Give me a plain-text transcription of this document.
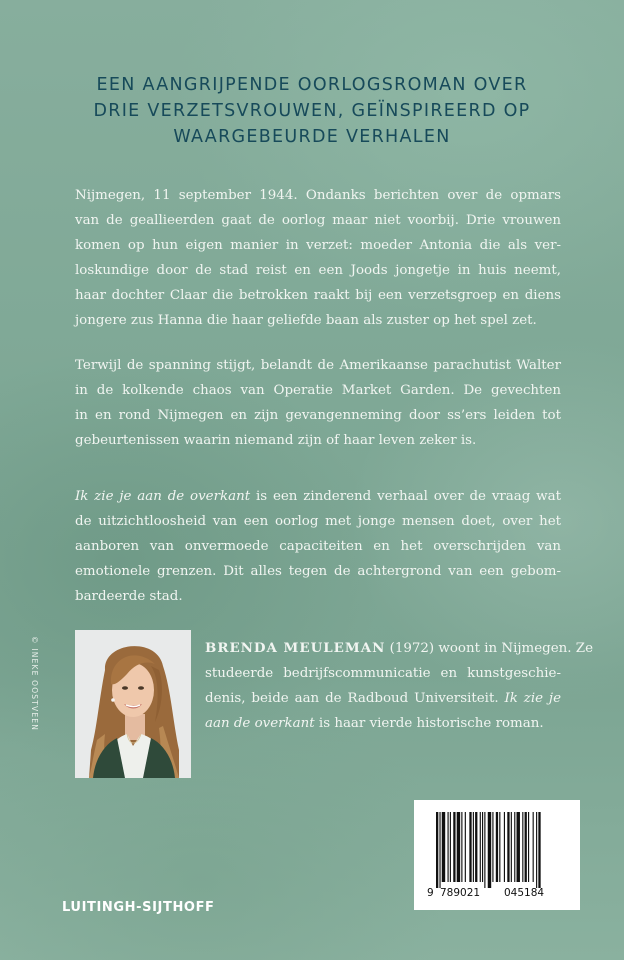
EEN AANGRIJPENDE OORLOGSROMAN OVER
DRIE VERZETSVROUWEN, GEÏNSPIREERD OP
WAARGEBEURDE VERHALEN
Nijmegen, 11 september 1944. Ondanks berichten over de opmars
van de geallieerden gaat de oorlog maar niet voorbij. Drie vrouwen
komen op hun eigen manier in verzet: moeder Antonia die als ver-
loskundige door de stad reist en een Joods jongetje in huis neemt,
haar dochter Claar die betrokken raakt bij een verzetsgroep en diens
jongere zus Hanna die haar geliefde baan als zuster op het spel zet.
Terwijl de spanning stijgt, belandt de Amerikaanse parachutist Walter
in de kolkende chaos van Operatie Market Garden. De gevechten
in en rond Nijmegen en zijn gevangenneming door ss’ers leiden tot
gebeurtenissen waarin niemand zijn of haar leven zeker is.
Ik zie je aan de overkant is een zinderend verhaal over de vraag wat
de uitzichtloosheid van een oorlog met jonge mensen doet, over het
aanboren van onvermoede capaciteiten en het overschrijden van
emotionele grenzen. Dit alles tegen de achtergrond van een gebom-
bardeerde stad.
© INEKE OOSTVEEN	BRENDA MEULEMAN (1972) woont in Nijmegen. Ze
studeerde bedrijfscommunicatie en kunstgeschie-
denis, beide aan de Radboud Universiteit. Ik zie je
aan de overkant is haar vierde historische roman.
LUITINGH-SIJTHOFF
9 789021 045184
